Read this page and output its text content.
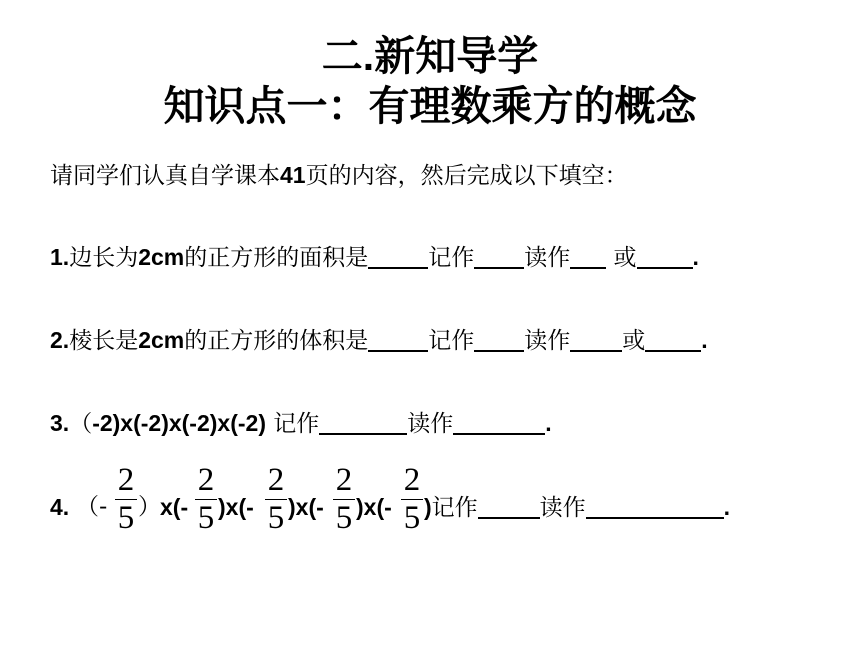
二.新知导学
知识点一：有理数乘方的概念
请同学们认真自学课本41页的内容，然后完成以下填空：
1.边长为2cm的正方形的面积是	记作 读作 或 .
2.棱长是2cm的正方形的体积是	记作 读作 或 .
3.（-2)x(-2)x(-2)x(-2) 记作	读作	.
4. （-
2
5 ） x(-
2
5 )x(-
2
5 )x(-
2
5 )x(-
2
5 )记作	读作	.
